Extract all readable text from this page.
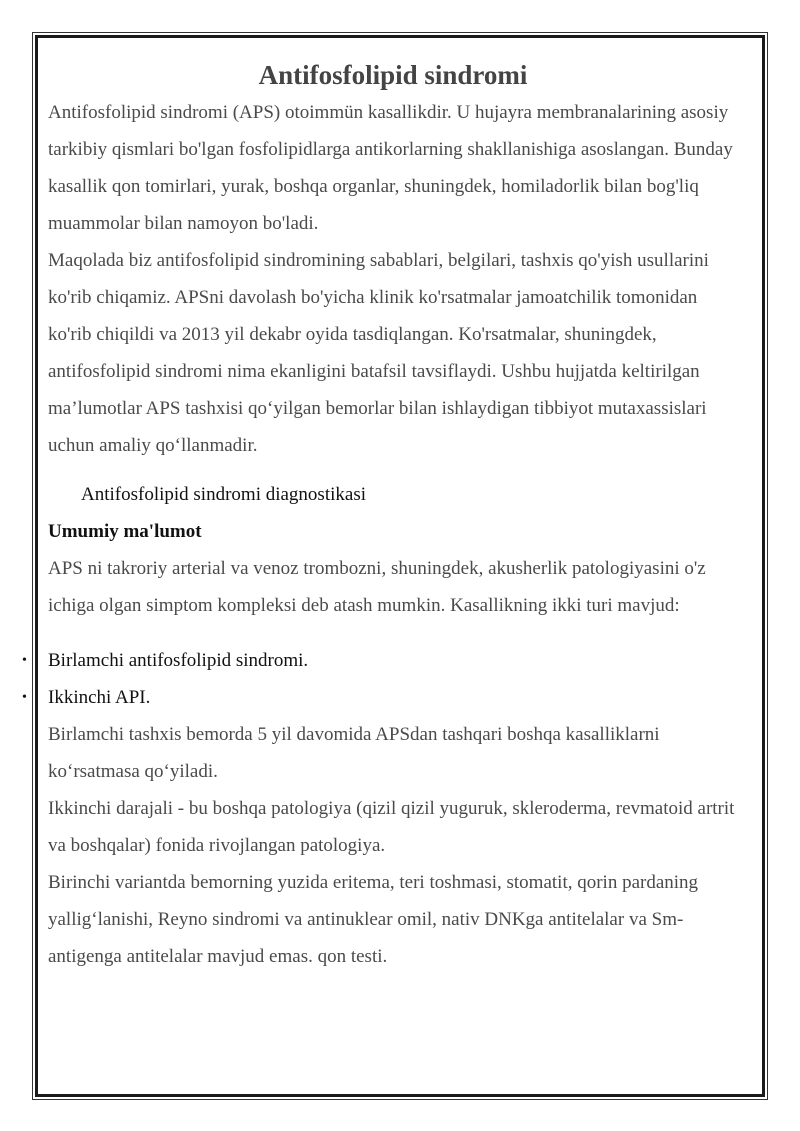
Antifosfolipid sindromi

Antifosfolipid sindromi (APS) otoimmün kasallikdir. U hujayra membranalarining asosiy tarkibiy qismlari bo'lgan fosfolipidlarga antikorlarning shakllanishiga asoslangan. Bunday kasallik qon tomirlari, yurak, boshqa organlar, shuningdek, homiladorlik bilan bog'liq muammolar bilan namoyon bo'ladi.

Maqolada biz antifosfolipid sindromining sabablari, belgilari, tashxis qo'yish usullarini ko'rib chiqamiz. APSni davolash bo'yicha klinik ko'rsatmalar jamoatchilik tomonidan ko'rib chiqildi va 2013 yil dekabr oyida tasdiqlangan. Ko'rsatmalar, shuningdek, antifosfolipid sindromi nima ekanligini batafsil tavsiflaydi. Ushbu hujjatda keltirilgan ma’lumotlar APS tashxisi qo‘yilgan bemorlar bilan ishlaydigan tibbiyot mutaxassislari uchun amaliy qo‘llanmadir.

Antifosfolipid sindromi diagnostikasi

Umumiy ma'lumot

APS ni takroriy arterial va venoz trombozni, shuningdek, akusherlik patologiyasini o'z ichiga olgan simptom kompleksi deb atash mumkin. Kasallikning ikki turi mavjud:

• Birlamchi antifosfolipid sindromi.
• Ikkinchi API.

Birlamchi tashxis bemorda 5 yil davomida APSdan tashqari boshqa kasalliklarni ko‘rsatmasa qo‘yiladi.

Ikkinchi darajali - bu boshqa patologiya (qizil qizil yuguruk, skleroderma, revmatoid artrit va boshqalar) fonida rivojlangan patologiya.

Birinchi variantda bemorning yuzida eritema, teri toshmasi, stomatit, qorin pardaning yallig‘lanishi, Reyno sindromi va antinuklear omil, nativ DNKga antitelalar va Sm-antigenga antitelalar mavjud emas. qon testi.
